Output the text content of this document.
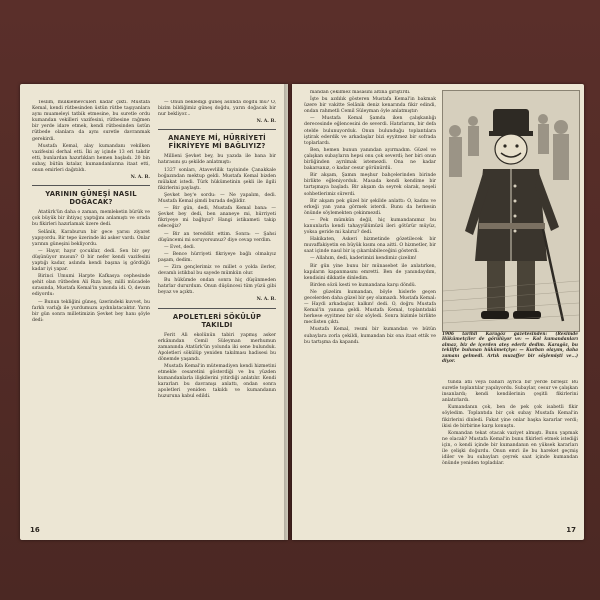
Teslim, mülkiemevcüleri kadar çıktı. Mustafa Kemal, kendi rütbesinden üstün rütbe taşıyanlara aynı muameleyi tatbik etmesine, bu suretle ordu kumandan vekilleri vazifesini, rütbesine rağmen bir yerde idare etmek, kendi rütbesinden üstün rütbede olanlara da aynı suretle davranmak gerekirdi.

Mustafa Kemal, alay kumandanı vekilken vazifesini derhal etti. İki ay içinde 13 eri takdir etti, bunlardan hazırlıkları hemen başladı. 20 bin subay, bütün kıtalar, kumandanlarına itaat etti, onun emirleri dağıtıldı.

N. A. B.

YARININ GÜNEŞİ NASIL DOĞACAK?

Atatürk'ün daha o zaman, memleketin bürük ve çok büyük bir ihtiyaç yaptığını anlamıştı ve orada bu fikirleri hazırlamak üzere dedi.

Selânik, Karaburun bir gece yarısı ziyaret yapıyordu. Bir tepe üzerinde iki asker vardı. Onlar yarının güneşini bekliyordu.

— Hayır, hayır çocuklar, dedi. Sen bir şey düşünüyor musun? O bir nefer kendi vazifesini yaptığı kadar, aslında kendi başına iş gördüğü kadar iyi yapar.

Birinci Umumi Harpte Kafkasya cephesinde şehit olan rütbeden Ali Rıza bey, milli mücadele sırasında, Mustafa Kemal'in yanında idi. O, devam ediyordu:

— Bunun tekliğini güneş, üzerindeki kuvvet, bu farklı varlığı ile yurdumuzu aydınlatacaktır. Yarın bir gün sonra milletimizin Şevket bey hanı şöyle dedi:

— Onun beklediği güneş aslında doğdu mu? O, bizim bildiğimiz güneş doğdu, yarın doğacak bir nur bekliyor...

N. A. B.

ANANEYE Mİ, HÜRRİYETİ FİKRİYEYE Mİ BAĞLIYIZ?

Millieni Şevket bey, bu yazıda ile bana bir hatırasını şu şekilde anlatmıştı:

1327 sonları, Atavevlilik tayininde Çanakkale boğazından mektup geldi. Mustafa Kemal bizden mülakat istedi. Türk hükümetinin şekli ile ilgili fikirlerini paylaştı.

Şevket bey'e sordu: — Ne yapalım, dedi. Mustafa Kemal şimdi burada değildir.

— Bir gün, dedi, Mustafa Kemal bana: — Şevket bey dedi, ben ananeye mi, hürriyeti fikriyeye mi bağlıyız? Hangi istikameti takip edeceğiz?

— Bir an tereddüt ettim. Sonra: — Şahsi düşüncemi mi soruyorsunuz? diye cevap verdim.

— Evet, dedi.

— Bence hürriyeti fikriyeye bağlı olmalıyız paşam, dedim.

— Zira gençlerimiz ve millet o yolda ilerler, devamlı istikbal bu sayede mümkün olur.

Bu hükümde ondan sonra hiç düşünmeden hatırlar dururdum. Onun düşüncesi tüm yüzü gibi beyaz ve açıktı.

N. A. B.

APOLETLERİ SÖKÜLÜP TAKILDI

Ferit Ali ekolünün tabiri yapmış asker erkânından Cemil Süleyman merhumun zamanında Atatürk'ün yolunda iki sene bulunduk. Apoletleri sökülüp yeniden takılması hadisesi bu dönemde yaşandı.

Mustafa Kemal'in mütemadiyen kendi hizmetini etmekle cesaretini gösterdiği ve bu yüzden kumandanlarla ilişkilerini yitirdiği anlatılır. Kendi kararları bu davranışı anlattı, ondan sonra apoletleri yeniden takıldı ve kumandanın huzuruna kabul edildi.

16

mandan çekilmez masasını altına giriştirdi.

İşte bu azdılık gösteren Mustafa Kemal'in bakmak üzere bir vakitte Selânik deniz kenarında fikir edindi, ondan rahmetli Cemil Süleyman öyle anlatmıştır:

— Mustafa Kemal Şamda iken çalışkanlığı derecesinde eğlencesini de severdi. Hatırlarım, bir defa otelde bulunuyorduk. Onun bulunduğu toplantılara iştirak ederdik ve arkadaşlar bizi eyyitmez bir sofrada toplarlardı.

Ben, hemen bunun yanından ayırmadım. Güzel ve çalışkan subayların hepsi onu çok severdi; her biri onun birliğinden ayrılmak istemezdi. Ona ne kadar bakarsanız, o kadar cesur görünürdü.

Bir akşam, Şamın meşhur bahçelerinden birinde birlikte eğleniyorduk. Masada kendi kendime bir tartışmaya başladı. Bir akşam da seyrek olarak, neşeli sohbetlerimiz sürerdi.

Bir akşam pek güzel bir şekilde anlattı: O, kadını ve erkeği yan yana görmek isterdi. Bunu da herkesin önünde söylemekten çekinmezdi.

— Pek mümkün değil, hiç kumandanımız bu kanunlarla kendi tahayyülümüzü ileri götürür müyüz, yoksa geride mi kalırız? dedi.

Hakikaten, Askeri hizmetinde gözetilecek bir muvaffakiyetin en büyük kısmı ona aitti. O hizmetler, bir saat içinde nasıl bir iş çıkarılabileceğini gösterdi.

— Allahım, dedi, kaderimizi kendimiz çizelim!

Bir gün yine bunu bir münasebet ile anlatırken, kapıların kapanmasını emretti. Ben de yanındaydım, kendisini dikkatle dinledim.

Birden sözü kesti ve kumandana karşı döndü.

Ne güzelim kumandan, böyle hislerle geçen gecelerden daha güzel bir şey olamazdı. Mustafa Kemal: — Haydi arkadaşlar, kalkın! dedi. O, doğru Mustafa Kemal'in yanına geldi. Mustafa Kemal, toplantıdaki herkese eyyitmez bir söz söyledi. Sonra bizimle birlikte meclisten çıktı.

Mustafa Kemal, resmi bir kumandan ve bütün subaylara zorla çekildi, kumandan biz ona itaat ettik ve bu tartışma da kapandı.

1906 tarihli Karagöz gazetesinden: (Resimde Hükümetçiler de görülüyor ve: — Kol kumandanları almaz, biz de içerden ateş ederiz dedim. Karagöz, bu teklifte bulunan hükümetçiye: — Kurban olayım, daha zamanı gelmedi. Artık muzaffer bir söylemişti ve...) diyor.

tunda atlı veya bahari ayrıca bir yerde birleşir. Bu suretle toplantılar yapılıyordu. Subaylar, cesur ve çalışkan insanlardı; kendi kendilerinin çeşitli fikirlerini anlatırlardı.

Kumandanın çok, ben de pek çok isabetli fikir söyledim. Toplantıda bir çok subay Mustafa Kemal'in fikirlerini dinledi. Fakat yine onlar başka kararlar verdi; ikisi de birbirine karşı konuştu.

Komandan tekat otacak vaziyet almıştı. Bunu yapmak ne olacak? Mustafa Kemal'in bunu fikirleri etmek istediği için, o kendi içinde bir kumandanın en yüksek kararları ile çelişki doğurdu. Onun emri ile bu hareket geçmiş idiler ve bu subayları çeyrek saat içinde kumandan önünde yeniden topladılar.

17
